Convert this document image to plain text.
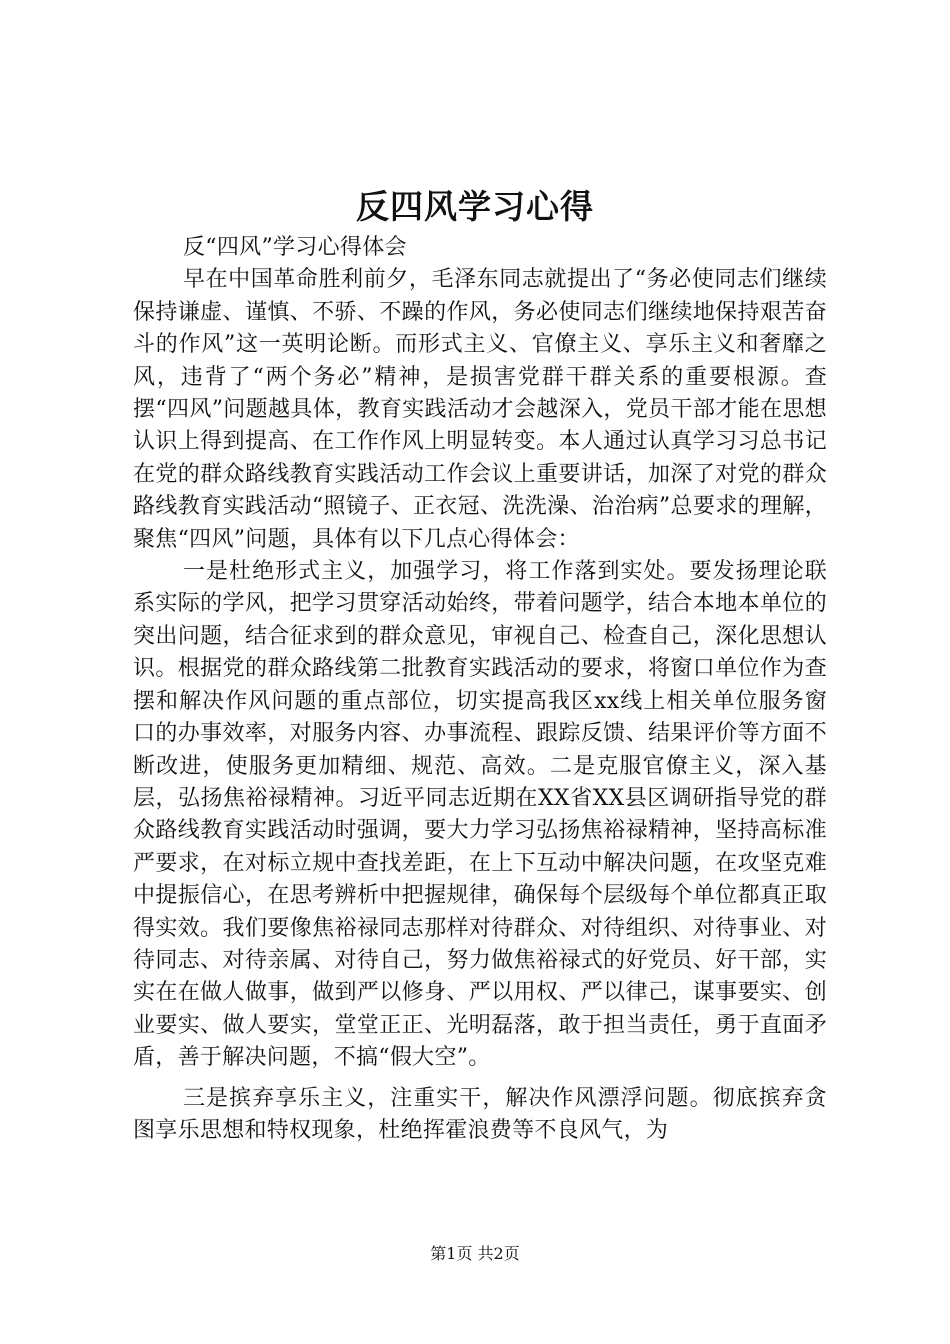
反四风学习心得

反“四风”学习心得体会

早在中国革命胜利前夕，毛泽东同志就提出了“务必使同志们继续保持谦虚、谨慎、不骄、不躁的作风，务必使同志们继续地保持艰苦奋斗的作风”这一英明论断。而形式主义、官僚主义、享乐主义和奢靡之风，违背了“两个务必”精神，是损害党群干群关系的重要根源。查摆“四风”问题越具体，教育实践活动才会越深入，党员干部才能在思想认识上得到提高、在工作作风上明显转变。本人通过认真学习习总书记在党的群众路线教育实践活动工作会议上重要讲话，加深了对党的群众路线教育实践活动“照镜子、正衣冠、洗洗澡、治治病”总要求的理解，聚焦“四风”问题，具体有以下几点心得体会：

一是杜绝形式主义，加强学习，将工作落到实处。要发扬理论联系实际的学风，把学习贯穿活动始终，带着问题学，结合本地本单位的突出问题，结合征求到的群众意见，审视自己、检查自己，深化思想认识。根据党的群众路线第二批教育实践活动的要求，将窗口单位作为查摆和解决作风问题的重点部位，切实提高我区xx线上相关单位服务窗口的办事效率，对服务内容、办事流程、跟踪反馈、结果评价等方面不断改进，使服务更加精细、规范、高效。二是克服官僚主义，深入基层，弘扬焦裕禄精神。习近平同志近期在XX省XX县区调研指导党的群众路线教育实践活动时强调，要大力学习弘扬焦裕禄精神，坚持高标准严要求，在对标立规中查找差距，在上下互动中解决问题，在攻坚克难中提振信心，在思考辨析中把握规律，确保每个层级每个单位都真正取得实效。我们要像焦裕禄同志那样对待群众、对待组织、对待事业、对待同志、对待亲属、对待自己，努力做焦裕禄式的好党员、好干部，实实在在做人做事，做到严以修身、严以用权、严以律己，谋事要实、创业要实、做人要实，堂堂正正、光明磊落，敢于担当责任，勇于直面矛盾，善于解决问题，不搞“假大空”。

三是摈弃享乐主义，注重实干，解决作风漂浮问题。彻底摈弃贪图享乐思想和特权现象，杜绝挥霍浪费等不良风气，为

第1页 共2页
